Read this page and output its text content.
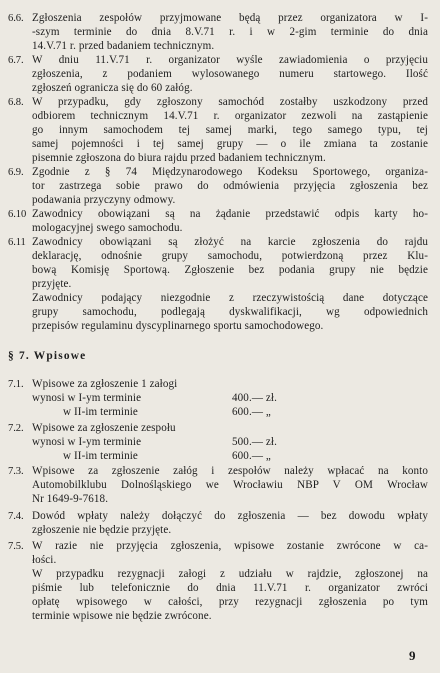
6.6. Zgłoszenia zespołów przyjmowane będą przez organizatora w I-
-szym terminie do dnia 8.V.71 r. i w 2-gim terminie do dnia
14.V.71 r. przed badaniem technicznym.
6.7. W dniu 11.V.71 r. organizator wyśle zawiadomienia o przyjęciu
zgłoszenia, z podaniem wylosowanego numeru startowego. Ilość
zgłoszeń ogranicza się do 60 załóg.
6.8. W przypadku, gdy zgłoszony samochód zostałby uszkodzony przed
odbiorem technicznym 14.V.71 r. organizator zezwoli na zastąpienie
go innym samochodem tej samej marki, tego samego typu, tej
samej pojemności i tej samej grupy — o ile zmiana ta zostanie
pisemnie zgłoszona do biura rajdu przed badaniem technicznym.
6.9. Zgodnie z § 74 Międzynarodowego Kodeksu Sportowego, organiza-
tor zastrzega sobie prawo do odmówienia przyjęcia zgłoszenia bez
podawania przyczyny odmowy.
6.10 Zawodnicy obowiązani są na żądanie przedstawić odpis karty ho-
mologacyjnej swego samochodu.
6.11 Zawodnicy obowiązani są złożyć na karcie zgłoszenia do rajdu
deklarację, odnośnie grupy samochodu, potwierdzoną przez Klu-
bową Komisję Sportową. Zgłoszenie bez podania grupy nie będzie
przyjęte.
Zawodnicy podający niezgodnie z rzeczywistością dane dotyczące
grupy samochodu, podlegają dyskwalifikacji, wg odpowiednich
przepisów regulaminu dyscyplinarnego sportu samochodowego.
§ 7. Wpisowe
7.1. Wpisowe za zgłoszenie 1 załogi
wynosi w I-ym terminie	400.— zł.
w II-im terminie	600.— „
7.2. Wpisowe za zgłoszenie zespołu
wynosi w I-ym terminie	500.— zł.
w II-im terminie	600.— „
7.3. Wpisowe za zgłoszenie załóg i zespołów należy wpłacać na konto
Automobilklubu Dolnośląskiego we Wrocławiu NBP V OM Wrocław
Nr 1649-9-7618.
7.4. Dowód wpłaty należy dołączyć do zgłoszenia — bez dowodu wpłaty
zgłoszenie nie będzie przyjęte.
7.5. W razie nie przyjęcia zgłoszenia, wpisowe zostanie zwrócone w ca-
łości.
W przypadku rezygnacji załogi z udziału w rajdzie, zgłoszonej na
piśmie lub telefonicznie do dnia 11.V.71 r. organizator zwróci
opłatę wpisowego w całości, przy rezygnacji zgłoszenia po tym
terminie wpisowe nie będzie zwrócone.
9
